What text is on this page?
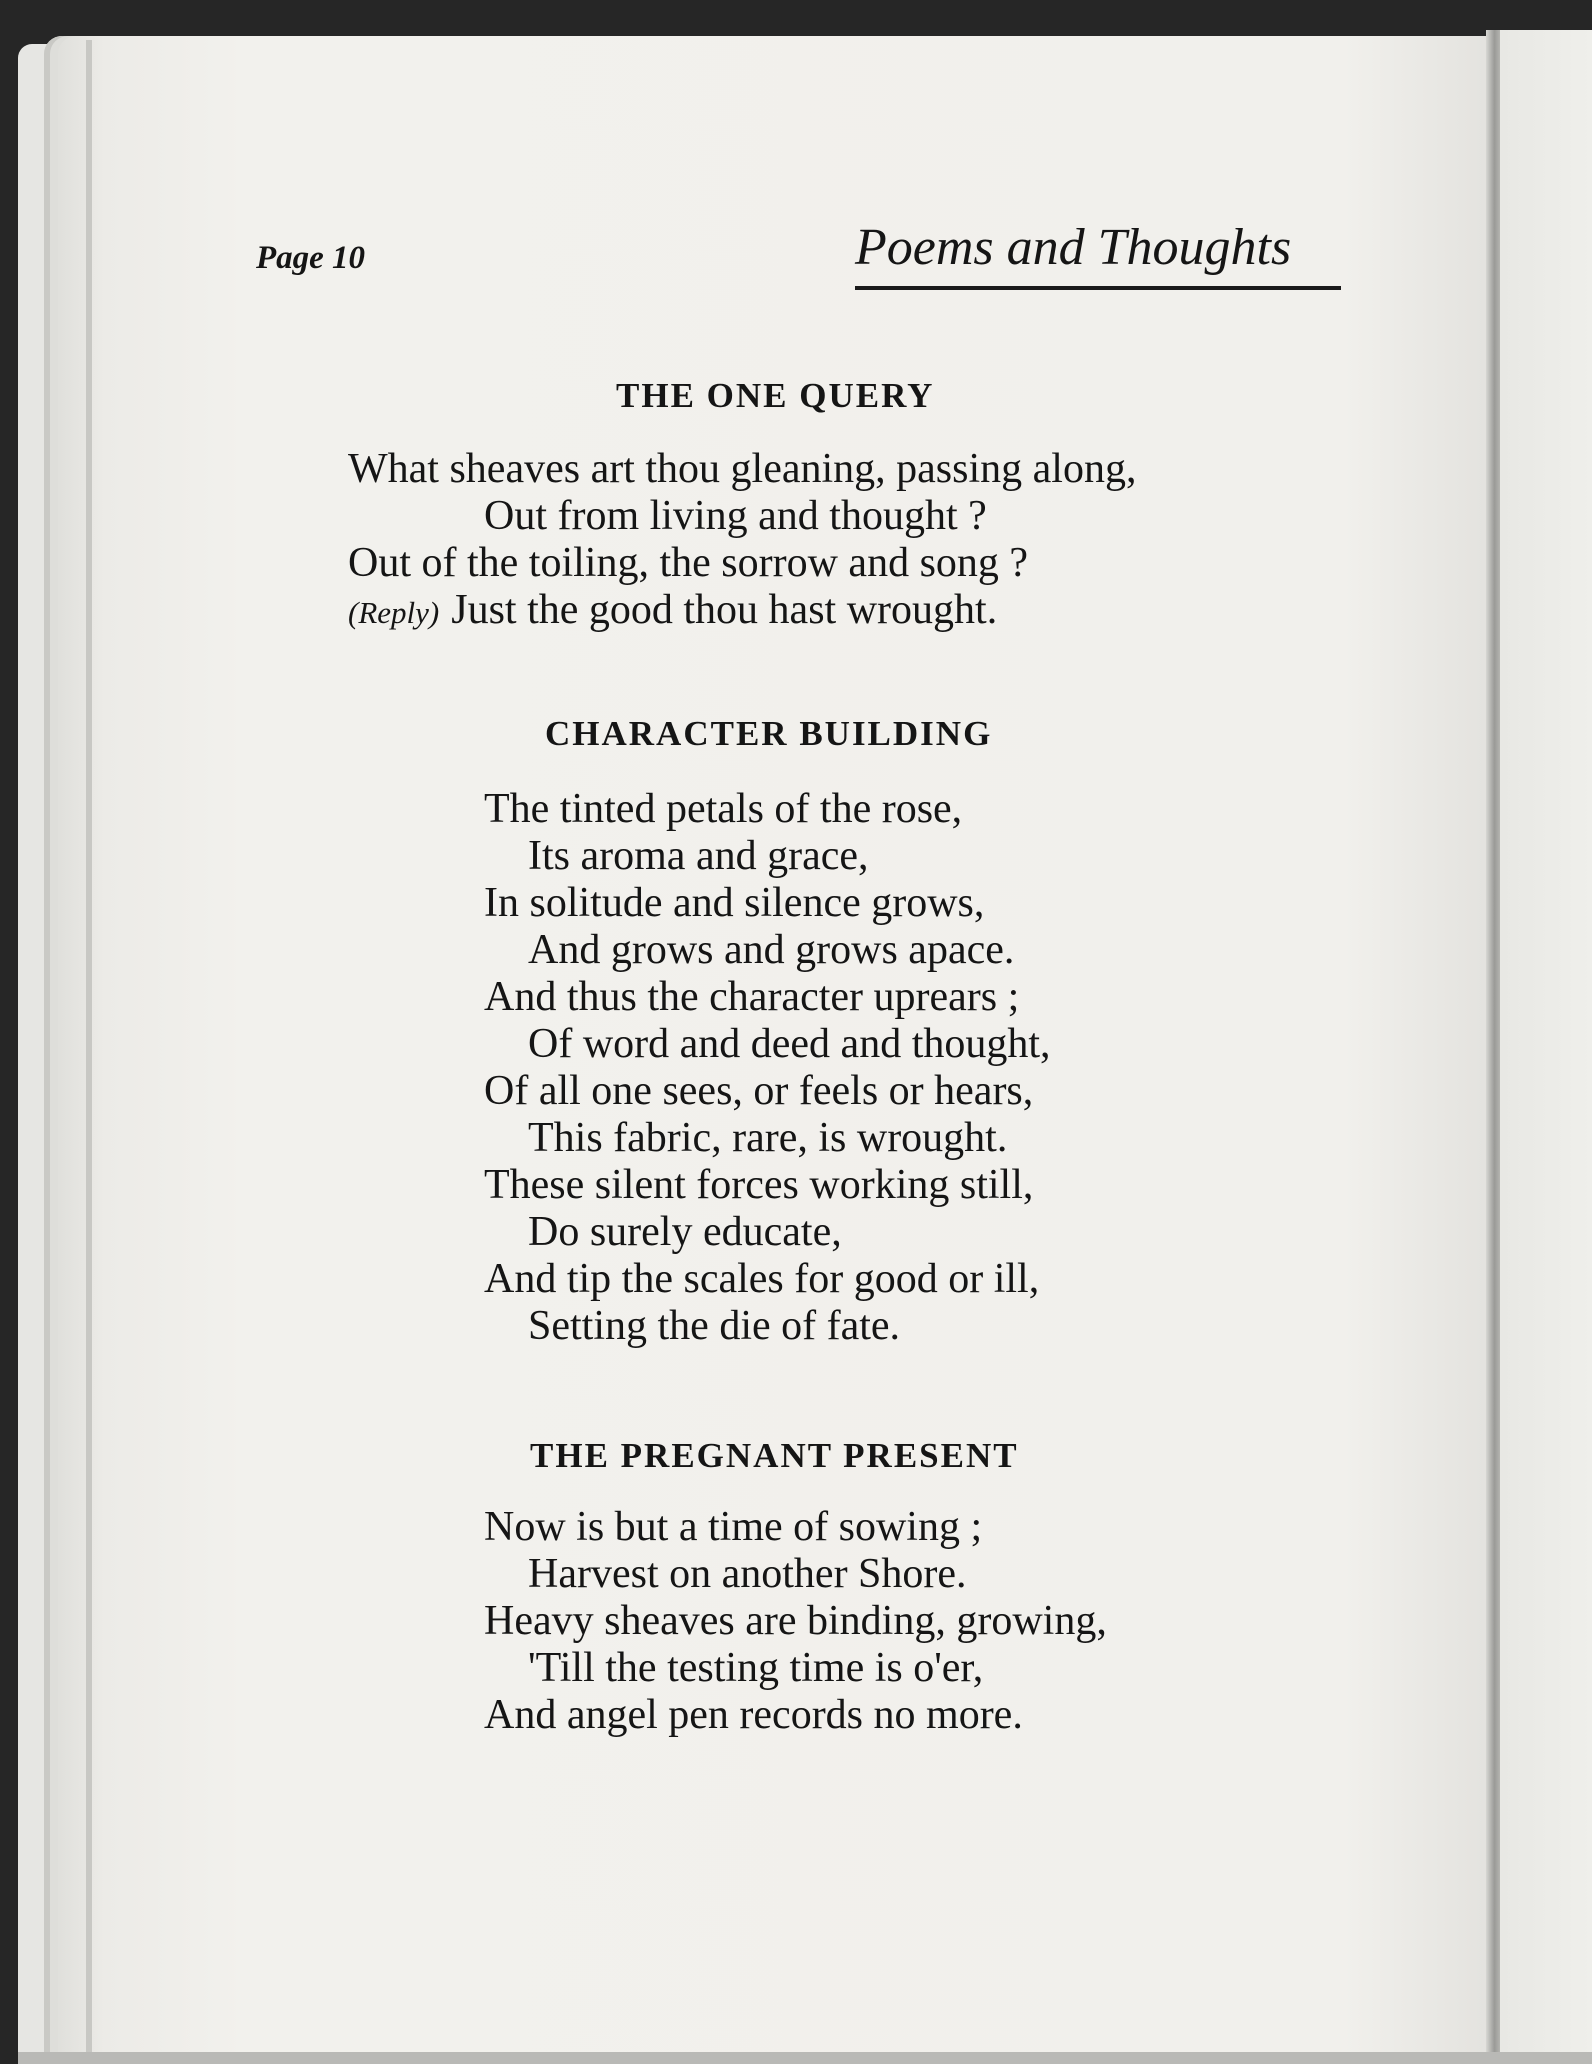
Page 10	Poems and Thoughts
THE ONE QUERY
What sheaves art thou gleaning, passing along,
Out from living and thought ?
Out of the toiling, the sorrow and song ?
(Reply) Just the good thou hast wrought.
CHARACTER BUILDING
The tinted petals of the rose,
Its aroma and grace,
In solitude and silence grows,
And grows and grows apace.
And thus the character uprears ;
Of word and deed and thought,
Of all one sees, or feels or hears,
This fabric, rare, is wrought.
These silent forces working still,
Do surely educate,
And tip the scales for good or ill,
Setting the die of fate.
THE PREGNANT PRESENT
Now is but a time of sowing ;
Harvest on another Shore.
Heavy sheaves are binding, growing,
'Till the testing time is o'er,
And angel pen records no more.
